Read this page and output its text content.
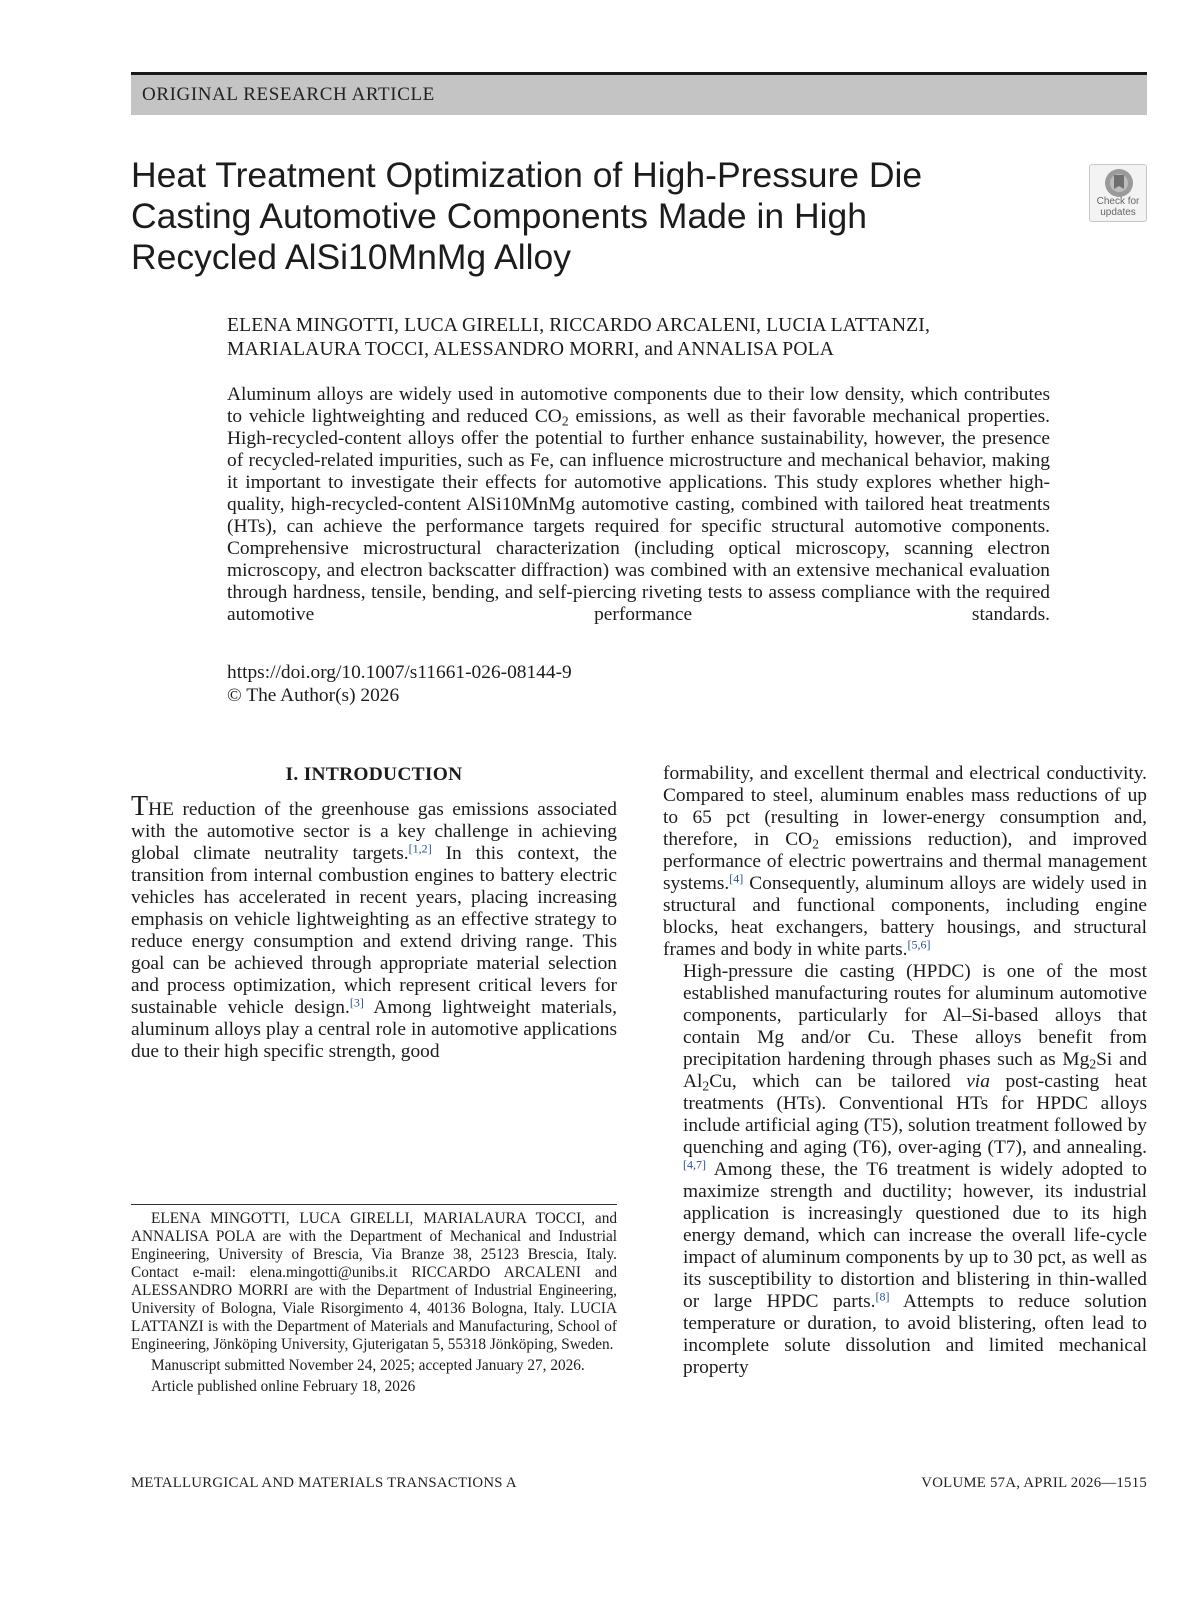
ORIGINAL RESEARCH ARTICLE
Heat Treatment Optimization of High-Pressure Die
Casting Automotive Components Made in High
Recycled AlSi10MnMg Alloy
Check for
updates
ELENA MINGOTTI, LUCA GIRELLI, RICCARDO ARCALENI, LUCIA LATTANZI,
MARIALAURA TOCCI, ALESSANDRO MORRI, and ANNALISA POLA

Aluminum alloys are widely used in automotive components due to their low density, which contributes to vehicle lightweighting and reduced $CO_2$ emissions, as well as their favorable mechanical properties. High-recycled-content alloys offer the potential to further enhance sustainability, however, the presence of recycled-related impurities, such as Fe, can influence microstructure and mechanical behavior, making it important to investigate their effects for automotive applications. This study explores whether high-quality, high-recycled-content AlSi10MnMg automotive casting, combined with tailored heat treatments (HTs), can achieve the performance targets required for specific structural automotive components. Comprehensive microstructural characterization (including optical microscopy, scanning electron microscopy, and electron backscatter diffraction) was combined with an extensive mechanical evaluation through hardness, tensile, bending, and self-piercing riveting tests to assess compliance with the required automotive performance standards.

https://doi.org/10.1007/s11661-026-08144-9
© The Author(s) 2026
I. INTRODUCTION
THE reduction of the greenhouse gas emissions associated with the automotive sector is a key challenge in achieving global climate neutrality targets.[1,2] In this context, the transition from internal combustion engines to battery electric vehicles has accelerated in recent years, placing increasing emphasis on vehicle lightweighting as an effective strategy to reduce energy consumption and extend driving range. This goal can be achieved through appropriate material selection and process optimization, which represent critical levers for sustainable vehicle design.[3] Among lightweight materials, aluminum alloys play a central role in automotive applications due to their high specific strength, good
formability, and excellent thermal and electrical conductivity. Compared to steel, aluminum enables mass reductions of up to 65 pct (resulting in lower-energy consumption and, therefore, in $CO_2$ emissions reduction), and improved performance of electric powertrains and thermal management systems.[4] Consequently, aluminum alloys are widely used in structural and functional components, including engine blocks, heat exchangers, battery housings, and structural frames and body in white parts.[5,6]
High-pressure die casting (HPDC) is one of the most established manufacturing routes for aluminum automotive components, particularly for Al–Si-based alloys that contain Mg and/or Cu. These alloys benefit from precipitation hardening through phases such as $Mg_2Si$ and $Al_2Cu$, which can be tailored via post-casting heat treatments (HTs). Conventional HTs for HPDC alloys include artificial aging (T5), solution treatment followed by quenching and aging (T6), over-aging (T7), and annealing.[4,7] Among these, the T6 treatment is widely adopted to maximize strength and ductility; however, its industrial application is increasingly questioned due to its high energy demand, which can increase the overall life-cycle impact of aluminum components by up to 30 pct, as well as its susceptibility to distortion and blistering in thin-walled or large HPDC parts.[8] Attempts to reduce solution temperature or duration, to avoid blistering, often lead to incomplete solute dissolution and limited mechanical property

ELENA MINGOTTI, LUCA GIRELLI, MARIALAURA TOCCI, and ANNALISA POLA are with the Department of Mechanical and Industrial Engineering, University of Brescia, Via Branze 38, 25123 Brescia, Italy. Contact e-mail: elena.mingotti@unibs.it RICCARDO ARCALENI and ALESSANDRO MORRI are with the Department of Industrial Engineering, University of Bologna, Viale Risorgimento 4, 40136 Bologna, Italy. LUCIA LATTANZI is with the Department of Materials and Manufacturing, School of Engineering, Jönköping University, Gjuterigatan 5, 55318 Jönköping, Sweden.

Manuscript submitted November 24, 2025; accepted January 27, 2026.

Article published online February 18, 2026

METALLURGICAL AND MATERIALS TRANSACTIONS A	VOLUME 57A, APRIL 2026—1515
